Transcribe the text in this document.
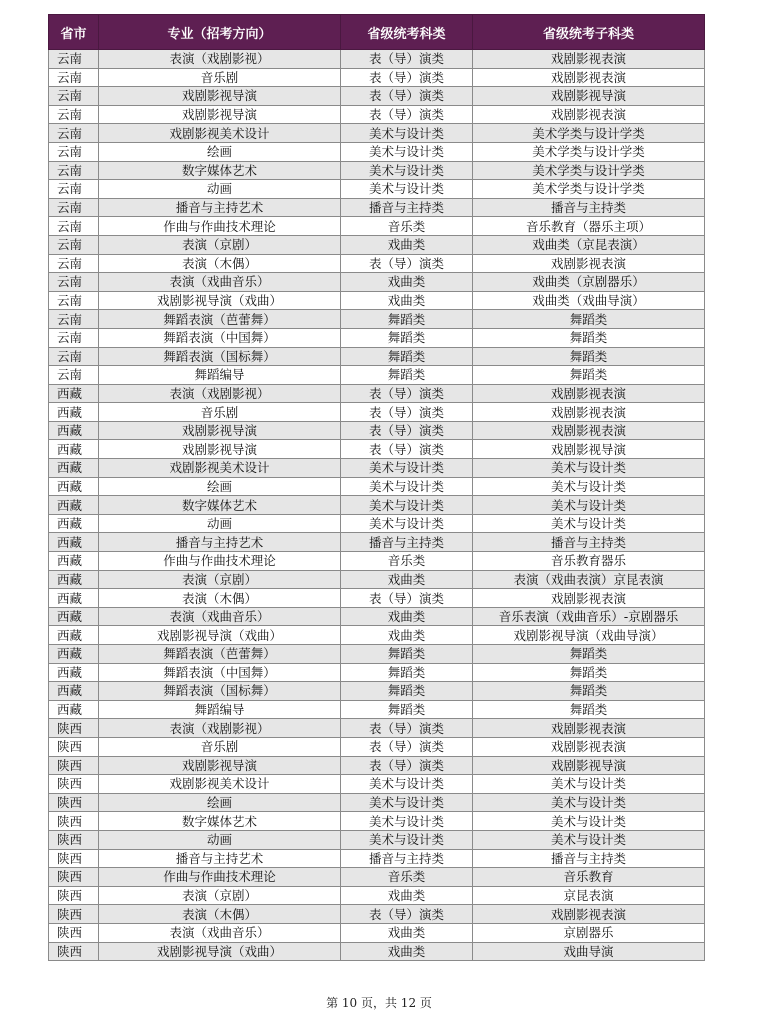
省市	专业（招考方向）	省级统考科类	省级统考子科类
云南	表演（戏剧影视）	表（导）演类	戏剧影视表演
云南	音乐剧	表（导）演类	戏剧影视表演
云南	戏剧影视导演	表（导）演类	戏剧影视导演
云南	戏剧影视导演	表（导）演类	戏剧影视表演
云南	戏剧影视美术设计	美术与设计类	美术学类与设计学类
云南	绘画	美术与设计类	美术学类与设计学类
云南	数字媒体艺术	美术与设计类	美术学类与设计学类
云南	动画	美术与设计类	美术学类与设计学类
云南	播音与主持艺术	播音与主持类	播音与主持类
云南	作曲与作曲技术理论	音乐类	音乐教育（器乐主项）
云南	表演（京剧）	戏曲类	戏曲类（京昆表演）
云南	表演（木偶）	表（导）演类	戏剧影视表演
云南	表演（戏曲音乐）	戏曲类	戏曲类（京剧器乐）
云南	戏剧影视导演（戏曲）	戏曲类	戏曲类（戏曲导演）
云南	舞蹈表演（芭蕾舞）	舞蹈类	舞蹈类
云南	舞蹈表演（中国舞）	舞蹈类	舞蹈类
云南	舞蹈表演（国标舞）	舞蹈类	舞蹈类
云南	舞蹈编导	舞蹈类	舞蹈类
西藏	表演（戏剧影视）	表（导）演类	戏剧影视表演
西藏	音乐剧	表（导）演类	戏剧影视表演
西藏	戏剧影视导演	表（导）演类	戏剧影视表演
西藏	戏剧影视导演	表（导）演类	戏剧影视导演
西藏	戏剧影视美术设计	美术与设计类	美术与设计类
西藏	绘画	美术与设计类	美术与设计类
西藏	数字媒体艺术	美术与设计类	美术与设计类
西藏	动画	美术与设计类	美术与设计类
西藏	播音与主持艺术	播音与主持类	播音与主持类
西藏	作曲与作曲技术理论	音乐类	音乐教育器乐
西藏	表演（京剧）	戏曲类	表演（戏曲表演）京昆表演
西藏	表演（木偶）	表（导）演类	戏剧影视表演
西藏	表演（戏曲音乐）	戏曲类	音乐表演（戏曲音乐）-京剧器乐
西藏	戏剧影视导演（戏曲）	戏曲类	戏剧影视导演（戏曲导演）
西藏	舞蹈表演（芭蕾舞）	舞蹈类	舞蹈类
西藏	舞蹈表演（中国舞）	舞蹈类	舞蹈类
西藏	舞蹈表演（国标舞）	舞蹈类	舞蹈类
西藏	舞蹈编导	舞蹈类	舞蹈类
陕西	表演（戏剧影视）	表（导）演类	戏剧影视表演
陕西	音乐剧	表（导）演类	戏剧影视表演
陕西	戏剧影视导演	表（导）演类	戏剧影视导演
陕西	戏剧影视美术设计	美术与设计类	美术与设计类
陕西	绘画	美术与设计类	美术与设计类
陕西	数字媒体艺术	美术与设计类	美术与设计类
陕西	动画	美术与设计类	美术与设计类
陕西	播音与主持艺术	播音与主持类	播音与主持类
陕西	作曲与作曲技术理论	音乐类	音乐教育
陕西	表演（京剧）	戏曲类	京昆表演
陕西	表演（木偶）	表（导）演类	戏剧影视表演
陕西	表演（戏曲音乐）	戏曲类	京剧器乐
陕西	戏剧影视导演（戏曲）	戏曲类	戏曲导演
第 10 页，共 12 页
